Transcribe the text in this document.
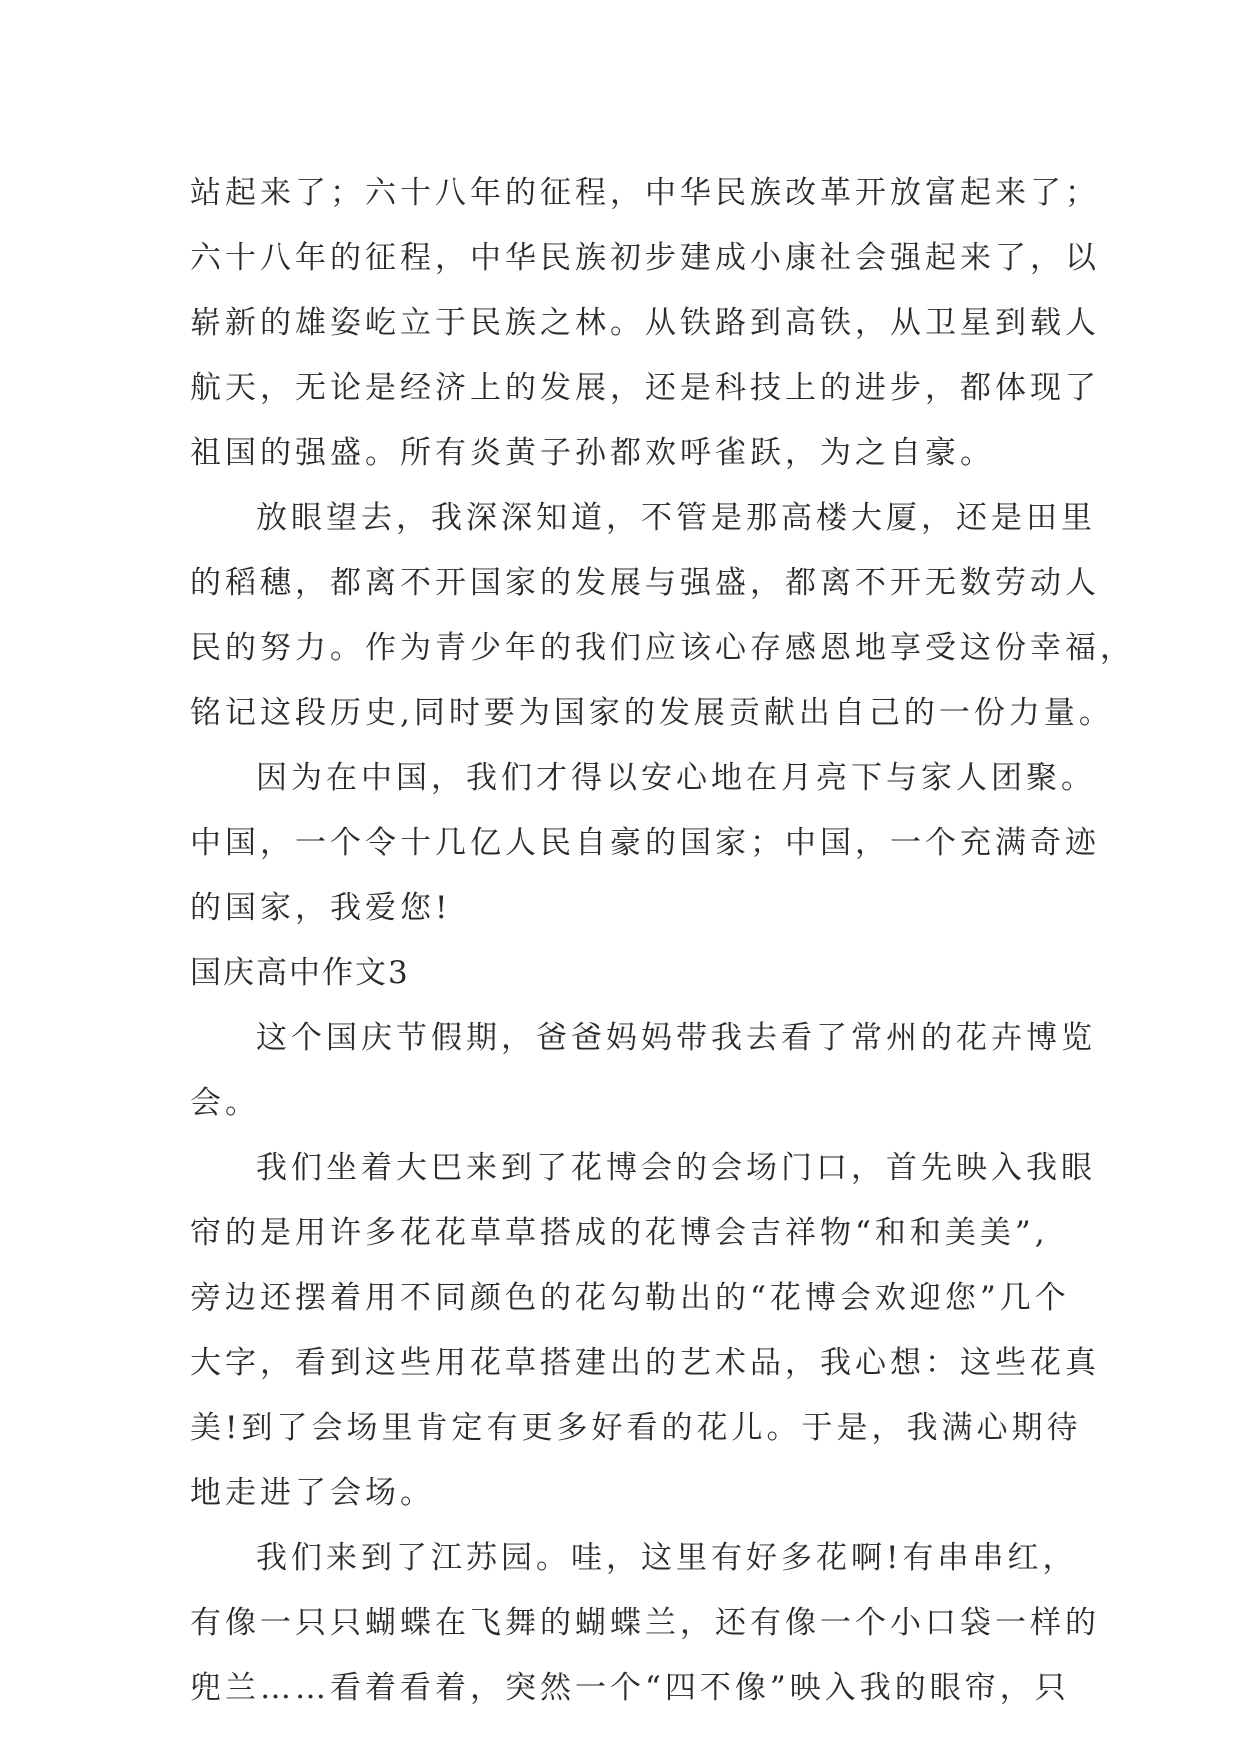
站起来了；六十八年的征程，中华民族改革开放富起来了；
六十八年的征程，中华民族初步建成小康社会强起来了，以
崭新的雄姿屹立于民族之林。从铁路到高铁，从卫星到载人
航天，无论是经济上的发展，还是科技上的进步，都体现了
祖国的强盛。所有炎黄子孙都欢呼雀跃，为之自豪。
放眼望去，我深深知道，不管是那高楼大厦，还是田里
的稻穗，都离不开国家的发展与强盛，都离不开无数劳动人
民的努力。作为青少年的我们应该心存感恩地享受这份幸福，
铭记这段历史,同时要为国家的发展贡献出自己的一份力量。
因为在中国，我们才得以安心地在月亮下与家人团聚。
中国，一个令十几亿人民自豪的国家；中国，一个充满奇迹
的国家，我爱您!
国庆高中作文3
这个国庆节假期，爸爸妈妈带我去看了常州的花卉博览
会。
我们坐着大巴来到了花博会的会场门口，首先映入我眼
帘的是用许多花花草草搭成的花博会吉祥物“和和美美”,
旁边还摆着用不同颜色的花勾勒出的“花博会欢迎您”几个
大字，看到这些用花草搭建出的艺术品，我心想：这些花真
美!到了会场里肯定有更多好看的花儿。于是，我满心期待
地走进了会场。
我们来到了江苏园。哇，这里有好多花啊!有串串红，
有像一只只蝴蝶在飞舞的蝴蝶兰，还有像一个小口袋一样的
兜兰……看着看着，突然一个“四不像”映入我的眼帘，只
